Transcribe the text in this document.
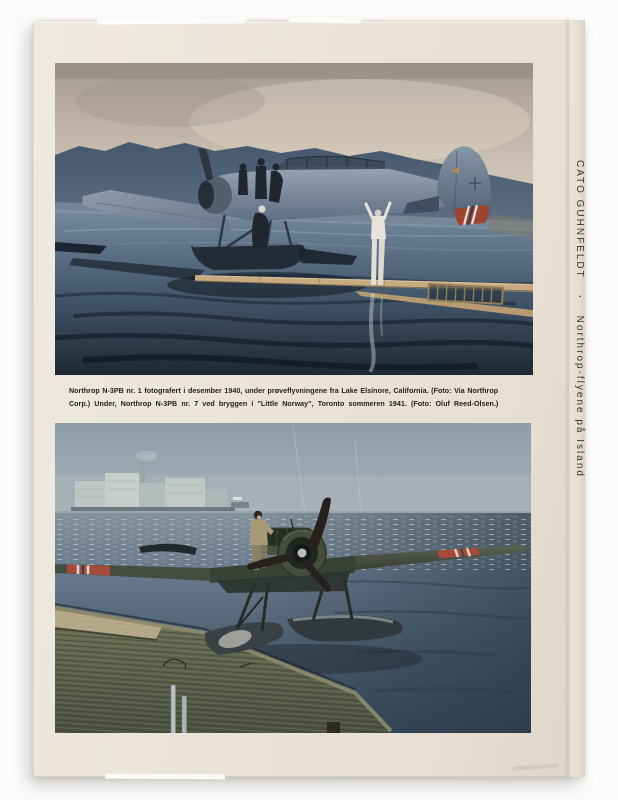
Northrop N-3PB nr. 1 fotografert i desember 1940, under prøveflyvningene fra Lake Elsinore, California. (Foto: Via Northrop
Corp.) Under, Northrop N-3PB nr. 7 ved bryggen i "Little Norway", Toronto sommeren 1941. (Foto: Oluf Reed-Olsen.)
CATO GUHNFELDT · Northrop-flyene på Island
